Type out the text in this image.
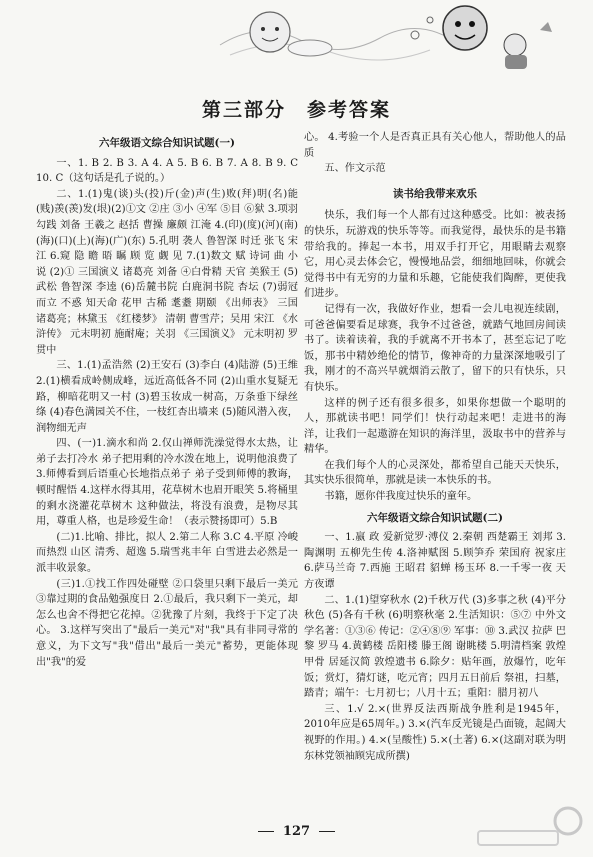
第三部分　参考答案
六年级语文综合知识试题(一)

一、1. B 2. B 3. A 4. A 5. B 6. B 7. A 8. B 9. C 10. C（这句话是孔子说的。）

二、1.(1)鬼(谈)头(投)斤(金)声(生)败(拜)明(名)能(贱)羡(羡)发(垠)(2)①文 ②庄 ③小 ④军 ⑤目 ⑥狱 3.项羽 勾践 刘备 王羲之 赵括 曹操 廉颇 江淹 4.(印)(度)(河)(南)(海)(口)(上)(海)(广)(东) 5.孔明 袭人 鲁智深 时迁 张飞 宋江 6.窥 隐 瞻 晤 瞩 顾 览 觑 见 7.(1)数文 赋 诗词 曲 小说 (2)① 三国演义 诸葛亮 刘备 ④白骨精 天官 美猴王 (5)武松 鲁智深 李逵 (6)岳麓书院 白鹿洞书院 杏坛 (7)弱冠 而立 不惑 知天命 花甲 古稀 耄耋 期颐 《出师表》 三国 诸葛亮；林黛玉 《红楼梦》 清朝 曹雪芹；吴用 宋江 《水浒传》 元末明初 施耐庵；关羽 《三国演义》 元末明初 罗贯中

三、1.(1)孟浩然 (2)王安石 (3)李白 (4)陆游 (5)王维 2.(1)横看成岭侧成峰，远近高低各不同 (2)山重水复疑无路，柳暗花明又一村 (3)碧玉妆成一树高，万条垂下绿丝绦 (4)春色满园关不住，一枝红杏出墙来 (5)随风潜入夜，润物细无声

四、(一)1.滴水和尚 2.仅山禅师洗澡觉得水太热，让弟子去打冷水 弟子把用剩的冷水泼在地上，说明他浪费了 3.师傅看到后语重心长地指点弟子 弟子受到师傅的教诲，顿时醒悟 4.这样水得其用，花草树木也眉开眼笑 5.将桶里的剩水浇灌花草树木 这种做法，将没有浪费，是物尽其用，尊重人格，也是珍爱生命！（表示赞扬即可）5.B

(二)1.比喻、排比，拟人 2.第二人称 3.C 4.平原 冷峻而热烈 山区 清秀、超逸 5.瑞雪兆丰年 白雪进去必然是一派丰收景象。

(三)1.①找工作四处碰壁 ②口袋里只剩下最后一美元 ③靠过期的食品勉强度日 2.①最后，我只剩下一美元，却怎么也舍不得把它花掉。②犹豫了片刻，我终于下定了决心。 3.这样写突出了"最后一美元"对"我"具有非同寻常的意义，为下文写"我"借出"最后一美元"蓄势，更能体现出"我"的爱

心。 4.考验一个人是否真正具有关心他人，帮助他人的品质

五、作文示范

读书给我带来欢乐

快乐，我们每一个人都有过这种感受。比如：被表扬的快乐，玩游戏的快乐等等。而我觉得，最快乐的是书籍带给我的。捧起一本书，用双手打开它，用眼睛去观察它，用心灵去体会它，慢慢地品尝，细细地回味，你就会觉得书中有无穷的力量和乐趣，它能使我们陶醉，更使我们进步。

记得有一次，我做好作业，想看一会儿电视连续剧，可爸爸偏要看足球赛，我争不过爸爸，就踏气地回房间读书了。读着读着，我的手就离不开书本了，甚至忘记了吃饭，那书中精妙绝伦的情节，像神奇的力量深深地吸引了我，刚才的不高兴早就烟消云散了，留下的只有快乐，只有快乐。

这样的例子还有很多很多，如果你想做一个聪明的人，那就读书吧！同学们！快行动起来吧！走进书的海洋，让我们一起遨游在知识的海洋里，汲取书中的营养与精华。

在我们每个人的心灵深处，都希望自己能天天快乐，其实快乐很简单，那就是读一本快乐的书。

书籍，愿你伴我度过快乐的童年。

六年级语文综合知识试题(二)

一、1.嬴 政 爱新觉罗·溥仪 2.秦朝 西楚霸王 刘邦 3.陶渊明 五柳先生传 4.洛神赋图 5.顾笋乔 荣国府 祝家庄 6.萨马兰奇 7.西施 王昭君 貂蝉 杨玉环 8.一千零一夜 天方夜谭

二、1.(1)望穿秋水 (2)千秋万代 (3)多事之秋 (4)平分秋色 (5)各有千秋 (6)明察秋毫 2.生活知识：⑤⑦ 中外文学名著：①③⑥ 传记：②④⑧⑨ 军事：⑩ 3.武汉 拉萨 巴黎 罗马 4.黄鹤楼 岳阳楼 滕王阁 谢眺楼 5.明清档案 敦煌甲骨 居延汉简 敦煌遗书 6.除夕：贴年画，放爆竹，吃年饭；赏灯，猜灯谜，吃元宵；四月五日前后 祭祖，扫墓，踏青；端午：七月初七；八月十五；重阳：腊月初八

三、1.√ 2.×(世界反法西斯战争胜利是1945年，2010年应是65周年。) 3.×(汽车反光镜是凸面镜，起阔大视野的作用。) 4.×(呈酸性) 5.×(土著) 6.×(这副对联为明东林党领袖顾宪成所撰)

127
